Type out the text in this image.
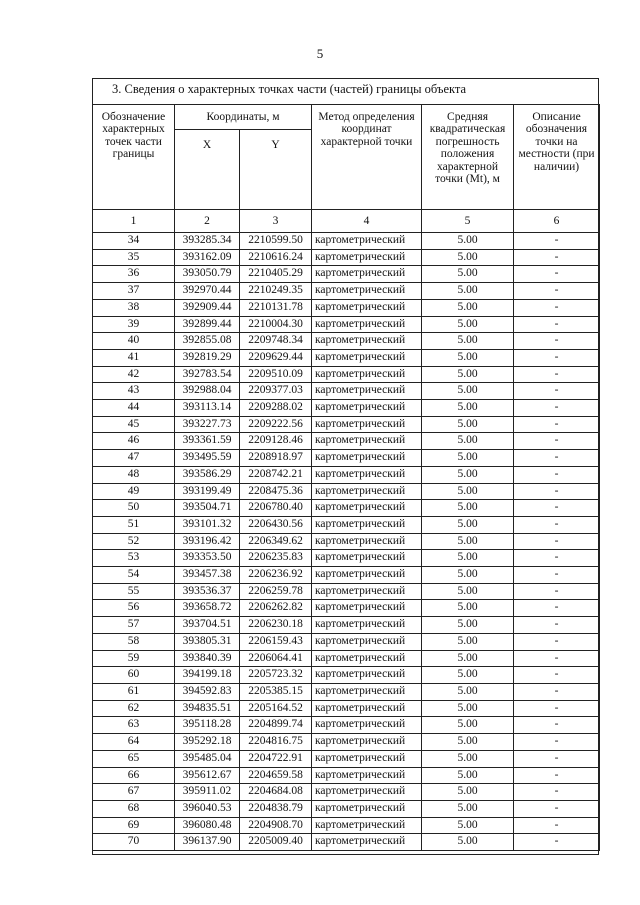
5
3. Сведения о характерных точках части (частей) границы объекта
Обозначение характерных точек части границы	Координаты, м		Метод определения координат характерной точки	Средняя квадратическая погрешность положения характерной точки (Mt), м	Описание обозначения точки на местности (при наличии)
	X	Y			
1	2	3	4	5	6
34	393285.34	2210599.50	картометрический	5.00	-
35	393162.09	2210616.24	картометрический	5.00	-
36	393050.79	2210405.29	картометрический	5.00	-
37	392970.44	2210249.35	картометрический	5.00	-
38	392909.44	2210131.78	картометрический	5.00	-
39	392899.44	2210004.30	картометрический	5.00	-
40	392855.08	2209748.34	картометрический	5.00	-
41	392819.29	2209629.44	картометрический	5.00	-
42	392783.54	2209510.09	картометрический	5.00	-
43	392988.04	2209377.03	картометрический	5.00	-
44	393113.14	2209288.02	картометрический	5.00	-
45	393227.73	2209222.56	картометрический	5.00	-
46	393361.59	2209128.46	картометрический	5.00	-
47	393495.59	2208918.97	картометрический	5.00	-
48	393586.29	2208742.21	картометрический	5.00	-
49	393199.49	2208475.36	картометрический	5.00	-
50	393504.71	2206780.40	картометрический	5.00	-
51	393101.32	2206430.56	картометрический	5.00	-
52	393196.42	2206349.62	картометрический	5.00	-
53	393353.50	2206235.83	картометрический	5.00	-
54	393457.38	2206236.92	картометрический	5.00	-
55	393536.37	2206259.78	картометрический	5.00	-
56	393658.72	2206262.82	картометрический	5.00	-
57	393704.51	2206230.18	картометрический	5.00	-
58	393805.31	2206159.43	картометрический	5.00	-
59	393840.39	2206064.41	картометрический	5.00	-
60	394199.18	2205723.32	картометрический	5.00	-
61	394592.83	2205385.15	картометрический	5.00	-
62	394835.51	2205164.52	картометрический	5.00	-
63	395118.28	2204899.74	картометрический	5.00	-
64	395292.18	2204816.75	картометрический	5.00	-
65	395485.04	2204722.91	картометрический	5.00	-
66	395612.67	2204659.58	картометрический	5.00	-
67	395911.02	2204684.08	картометрический	5.00	-
68	396040.53	2204838.79	картометрический	5.00	-
69	396080.48	2204908.70	картометрический	5.00	-
70	396137.90	2205009.40	картометрический	5.00	-
